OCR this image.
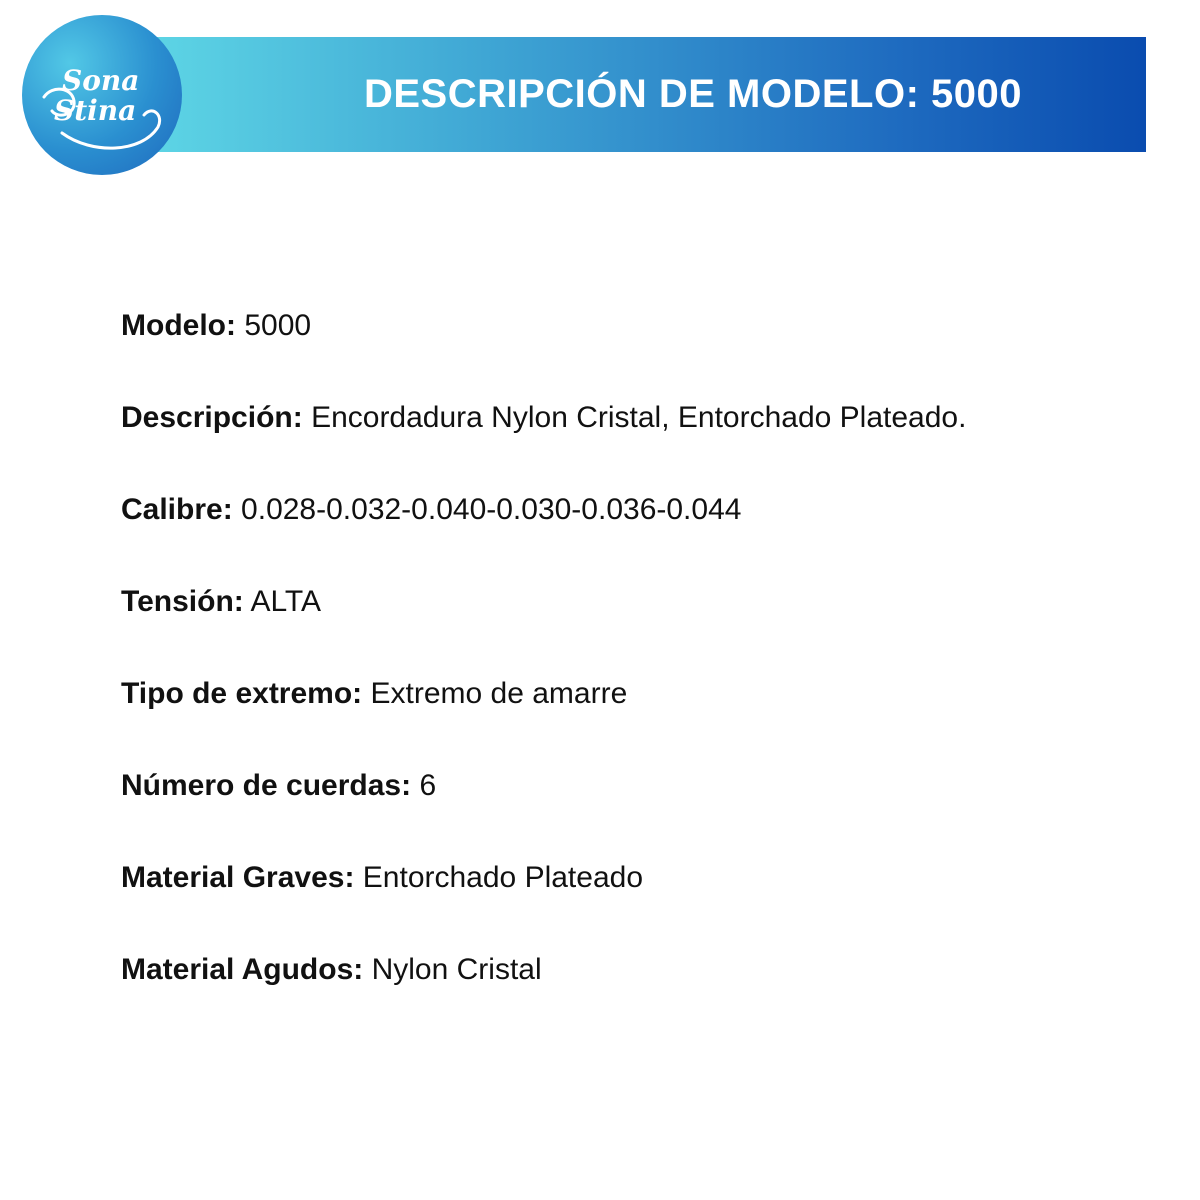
DESCRIPCIÓN DE MODELO: 5000
Sona
Stina
Modelo: 5000
Descripción: Encordadura Nylon Cristal, Entorchado Plateado.
Calibre: 0.028-0.032-0.040-0.030-0.036-0.044
Tensión: ALTA
Tipo de extremo: Extremo de amarre
Número de cuerdas: 6
Material Graves: Entorchado Plateado
Material Agudos: Nylon Cristal
